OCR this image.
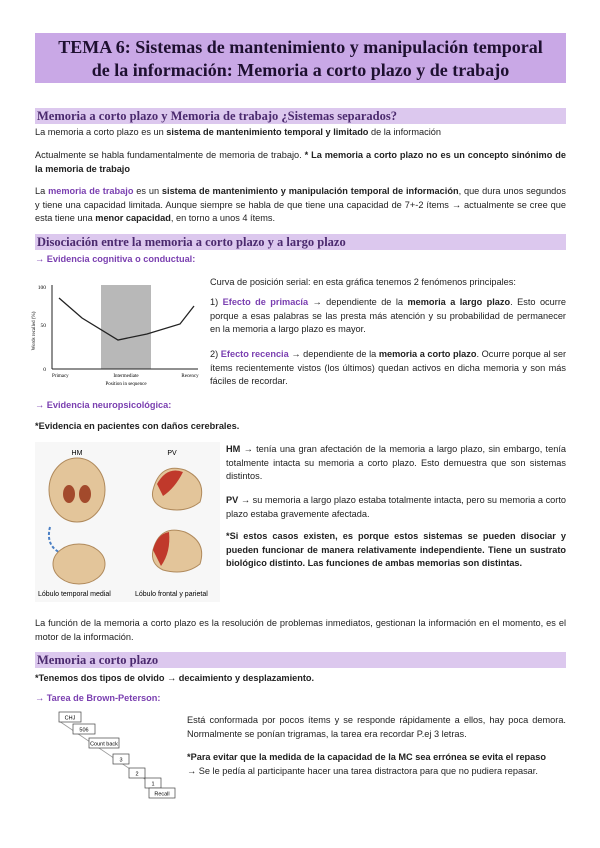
TEMA 6: Sistemas de mantenimiento y manipulación temporal
de la información: Memoria a corto plazo y de trabajo
Memoria a corto plazo y Memoria de trabajo ¿Sistemas separados?
La memoria a corto plazo es un sistema de mantenimiento temporal y limitado de la información
Actualmente se habla fundamentalmente de memoria de trabajo. * La memoria a corto plazo no es un concepto sinónimo de la memoria de trabajo
La memoria de trabajo es un sistema de mantenimiento y manipulación temporal de información, que dura unos segundos y tiene una capacidad limitada. Aunque siempre se habla de que tiene una capacidad de 7+-2 ítems → actualmente se cree que esta tiene una menor capacidad, en torno a unos 4 ítems.
Disociación entre la memoria a corto plazo y a largo plazo
→ Evidencia cognitiva o conductual:
100
50
0
Words recalled (%)
Primacy	Intermediate	Recency
Position in sequence
Curva de posición serial: en esta gráfica tenemos 2 fenómenos principales:
1) Efecto de primacía → dependiente de la memoria a largo plazo. Esto ocurre porque a esas palabras se las presta más atención y su probabilidad de permanecer en la memoria a largo plazo es mayor.
2) Efecto recencia → dependiente de la memoria a corto plazo. Ocurre porque al ser ítems recientemente vistos (los últimos) quedan activos en dicha memoria y son más fáciles de recordar.
→ Evidencia neuropsicológica:
*Evidencia en pacientes con daños cerebrales.
HM	PV
Lóbulo temporal medial	Lóbulo frontal y parietal
HM → tenía una gran afectación de la memoria a largo plazo, sin embargo, tenía totalmente intacta su memoria a corto plazo. Esto demuestra que son sistemas distintos.
PV → su memoria a largo plazo estaba totalmente intacta, pero su memoria a corto plazo estaba gravemente afectada.
*Si estos casos existen, es porque estos sistemas se pueden disociar y pueden funcionar de manera relativamente independiente. Tiene un sustrato biológico distinto. Las funciones de ambas memorias son distintas.
La función de la memoria a corto plazo es la resolución de problemas inmediatos, gestionan la información en el momento, es el motor de la información.
Memoria a corto plazo
*Tenemos dos tipos de olvido → decaimiento y desplazamiento.
→ Tarea de Brown-Peterson:
CHJ
506
Count back
3
2
1
Recall
Está conformada por pocos ítems y se responde rápidamente a ellos, hay poca demora. Normalmente se ponían trigramas, la tarea era recordar P.ej 3 letras.
*Para evitar que la medida de la capacidad de la MC sea errónea se evita el repaso
→ Se le pedía al participante hacer una tarea distractora para que no pudiera repasar.
